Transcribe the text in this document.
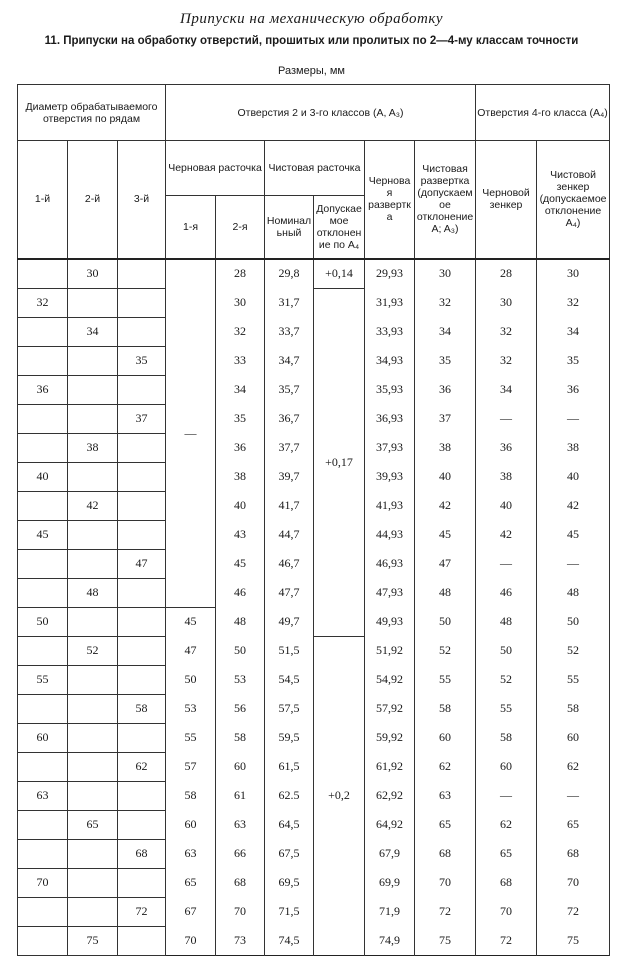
Припуски на механическую обработку
11. Припуски на обработку отверстий, прошитых или пролитых по 2—4-му классам точности
Размеры, мм
Диаметр обрабатываемого отверстия по рядам			Отверстия 2 и 3-го классов (A, A₃)						Отверстия 4-го класса (A₄)	
1-й	2-й	3-й	Черновая расточка		Чистовая расточка		Черновая развертка	Чистовая развертка (допускаемое отклонение A; A₃)	Черновой зенкер	Чистовой зенкер (допускаемое отклонение A₄)
			1-я	2-я	Номинальный	Допускаемое отклонение по A₄				
	30		—	28	29,8	+0,14	29,93	30	28	30
32				30	31,7	+0,17	31,93	32	30	32
	34			32	33,7		33,93	34	32	34
		35		33	34,7		34,93	35	32	35
36				34	35,7		35,93	36	34	36
		37		35	36,7		36,93	37	—	—
	38			36	37,7		37,93	38	36	38
40				38	39,7		39,93	40	38	40
	42			40	41,7		41,93	42	40	42
45				43	44,7		44,93	45	42	45
		47		45	46,7		46,93	47	—	—
	48			46	47,7		47,93	48	46	48
50			45	48	49,7		49,93	50	48	50
	52		47	50	51,5	+0,2	51,92	52	50	52
55			50	53	54,5		54,92	55	52	55
		58	53	56	57,5		57,92	58	55	58
60			55	58	59,5		59,92	60	58	60
		62	57	60	61,5		61,92	62	60	62
63			58	61	62.5		62,92	63	—	—
	65		60	63	64,5		64,92	65	62	65
		68	63	66	67,5		67,9	68	65	68
70			65	68	69,5		69,9	70	68	70
		72	67	70	71,5		71,9	72	70	72
	75		70	73	74,5		74,9	75	72	75
